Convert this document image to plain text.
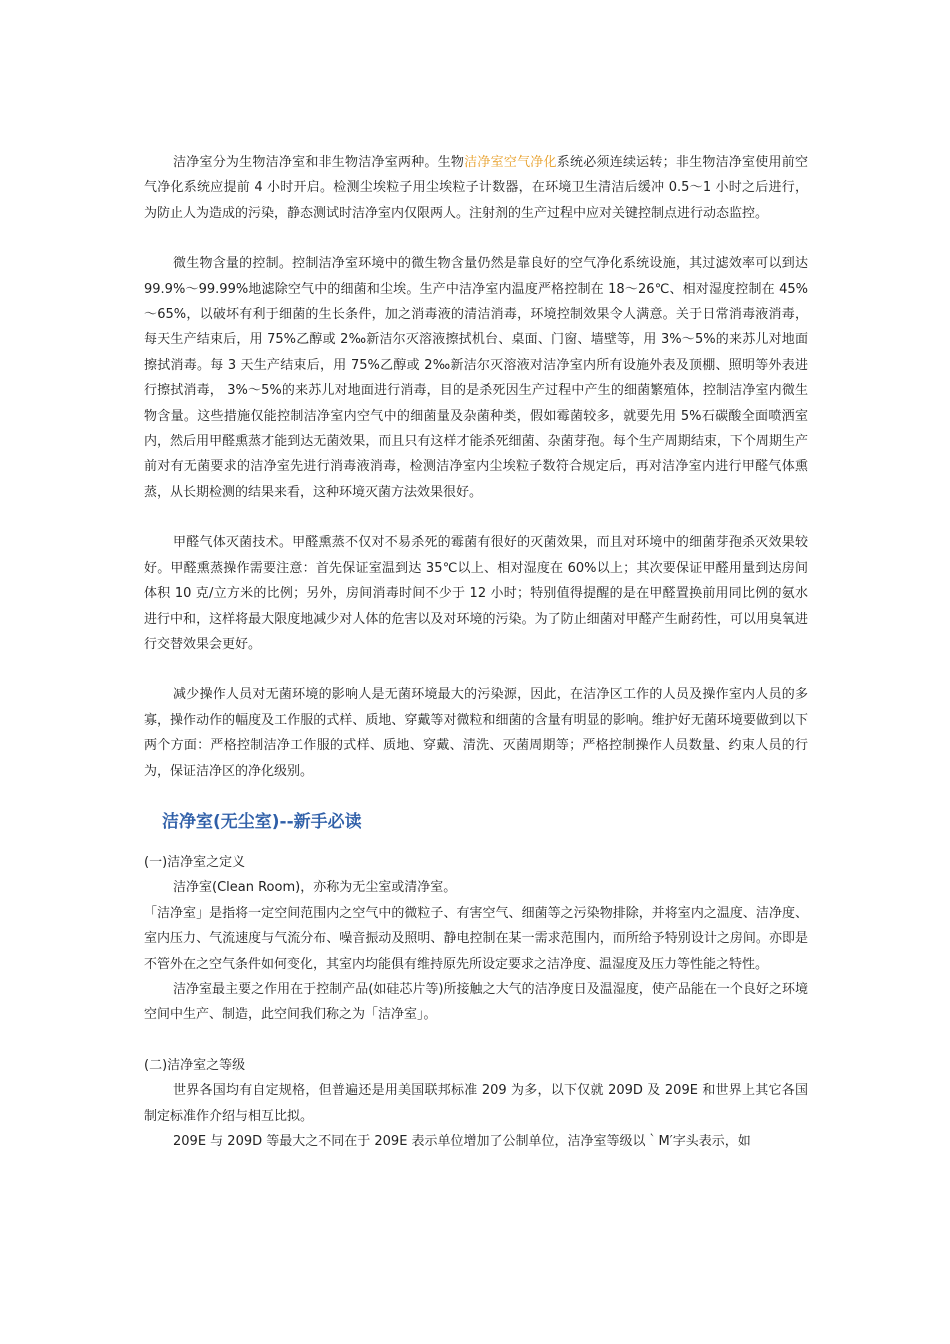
洁净室分为生物洁净室和非生物洁净室两种。生物洁净室空气净化系统必须连续运转；非生物洁净室使用前空气净化系统应提前 4 小时开启。检测尘埃粒子用尘埃粒子计数器，在环境卫生清洁后缓冲 0.5～1 小时之后进行，为防止人为造成的污染，静态测试时洁净室内仅限两人。注射剂的生产过程中应对关键控制点进行动态监控。

微生物含量的控制。控制洁净室环境中的微生物含量仍然是靠良好的空气净化系统设施，其过滤效率可以到达 99.9%～99.99%地滤除空气中的细菌和尘埃。生产中洁净室内温度严格控制在 18～26℃、相对湿度控制在 45%～65%，以破坏有利于细菌的生长条件，加之消毒液的清洁消毒，环境控制效果令人满意。关于日常消毒液消毒，每天生产结束后，用 75%乙醇或 2‰新洁尔灭溶液擦拭机台、桌面、门窗、墙壁等，用 3%～5%的来苏儿对地面擦拭消毒。每 3 天生产结束后，用 75%乙醇或 2‰新洁尔灭溶液对洁净室内所有设施外表及顶棚、照明等外表进行擦拭消毒， 3%～5%的来苏儿对地面进行消毒，目的是杀死因生产过程中产生的细菌繁殖体，控制洁净室内微生物含量。这些措施仅能控制洁净室内空气中的细菌量及杂菌种类，假如霉菌较多，就要先用 5%石碳酸全面喷洒室内，然后用甲醛熏蒸才能到达无菌效果，而且只有这样才能杀死细菌、杂菌芽孢。每个生产周期结束，下个周期生产前对有无菌要求的洁净室先进行消毒液消毒，检测洁净室内尘埃粒子数符合规定后，再对洁净室内进行甲醛气体熏蒸，从长期检测的结果来看，这种环境灭菌方法效果很好。

甲醛气体灭菌技术。甲醛熏蒸不仅对不易杀死的霉菌有很好的灭菌效果，而且对环境中的细菌芽孢杀灭效果较好。甲醛熏蒸操作需要注意：首先保证室温到达 35℃以上、相对湿度在 60%以上；其次要保证甲醛用量到达房间体积 10 克/立方米的比例；另外，房间消毒时间不少于 12 小时；特别值得提醒的是在甲醛置换前用同比例的氨水进行中和，这样将最大限度地减少对人体的危害以及对环境的污染。为了防止细菌对甲醛产生耐药性，可以用臭氧进行交替效果会更好。

减少操作人员对无菌环境的影响人是无菌环境最大的污染源，因此，在洁净区工作的人员及操作室内人员的多寡，操作动作的幅度及工作服的式样、质地、穿戴等对微粒和细菌的含量有明显的影响。维护好无菌环境要做到以下两个方面：严格控制洁净工作服的式样、质地、穿戴、清洗、灭菌周期等；严格控制操作人员数量、约束人员的行为，保证洁净区的净化级别。

洁净室(无尘室)--新手必读

(一)洁净室之定义

洁净室(Clean Room)，亦称为无尘室或清净室。

「洁净室」是指将一定空间范围内之空气中的微粒子、有害空气、细菌等之污染物排除，并将室内之温度、洁净度、室内压力、气流速度与气流分布、噪音振动及照明、静电控制在某一需求范围内，而所给予特别设计之房间。亦即是不管外在之空气条件如何变化，其室内均能俱有维持原先所设定要求之洁净度、温湿度及压力等性能之特性。

洁净室最主要之作用在于控制产品(如硅芯片等)所接触之大气的洁净度日及温湿度，使产品能在一个良好之环境空间中生产、制造，此空间我们称之为「洁净室」。

(二)洁净室之等级

世界各国均有自定规格，但普遍还是用美国联邦标准 209 为多，以下仅就 209D 及 209E 和世界上其它各国制定标准作介绍与相互比拟。

209E 与 209D 等最大之不同在于 209E 表示单位增加了公制单位，洁净室等级以｀M′字头表示，如
